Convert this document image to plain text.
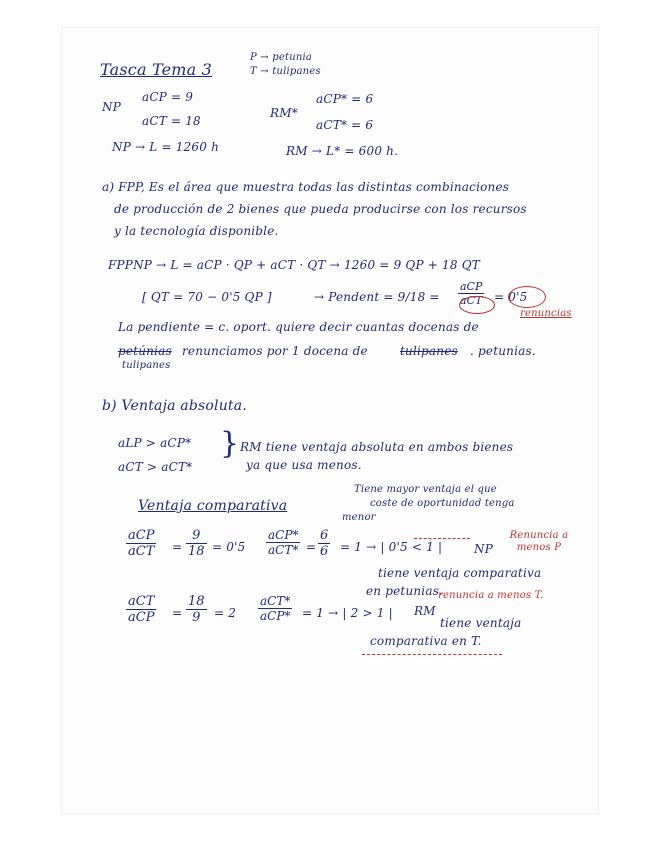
Tasca Tema 3
P → petunia
T → tulipanes
NP
aCP = 9
aCT = 18
NP → L = 1260 h
RM*
aCP* = 6
aCT* = 6
RM → L* = 600 h.
a) FPP, Es el área que muestra todas las distintas combinaciones
de producción de 2 bienes que pueda producirse con los recursos
y la tecnología disponible.
FPPNP → L = aCP · QP + aCT · QT → 1260 = 9 QP + 18 QT
[ QT = 70 − 0'5 QP ]	→ Pendent = 9/18 =
aCP
aCT = 0'5
renuncias
La pendiente = c. oport. quiere decir cuantas docenas de
petúnias renunciamos por 1 docena de	tulipanes . petunias.
tulipanes
b) Ventaja absoluta.
aLP > aCP*
aCT > aCT*
} RM tiene ventaja absoluta en ambos bienes
ya que usa menos.
Ventaja comparativa
Tiene mayor ventaja el que
coste de oportunidad tenga
menor
aCP
aCT = $\frac{9}{18} = 0'5$
aCP*
$aCT* = \frac{6}{6} = 1$ → | 0'5 < 1 |	NP
Renuncia a menos P
tiene ventaja comparativa
en petunias.
aCT
aCP = $\frac{18}{9} = 2$
aCT*
aCP* = 1 → | 2 > 1 | RM
renuncia a menos T.
tiene ventaja
comparativa en T.
